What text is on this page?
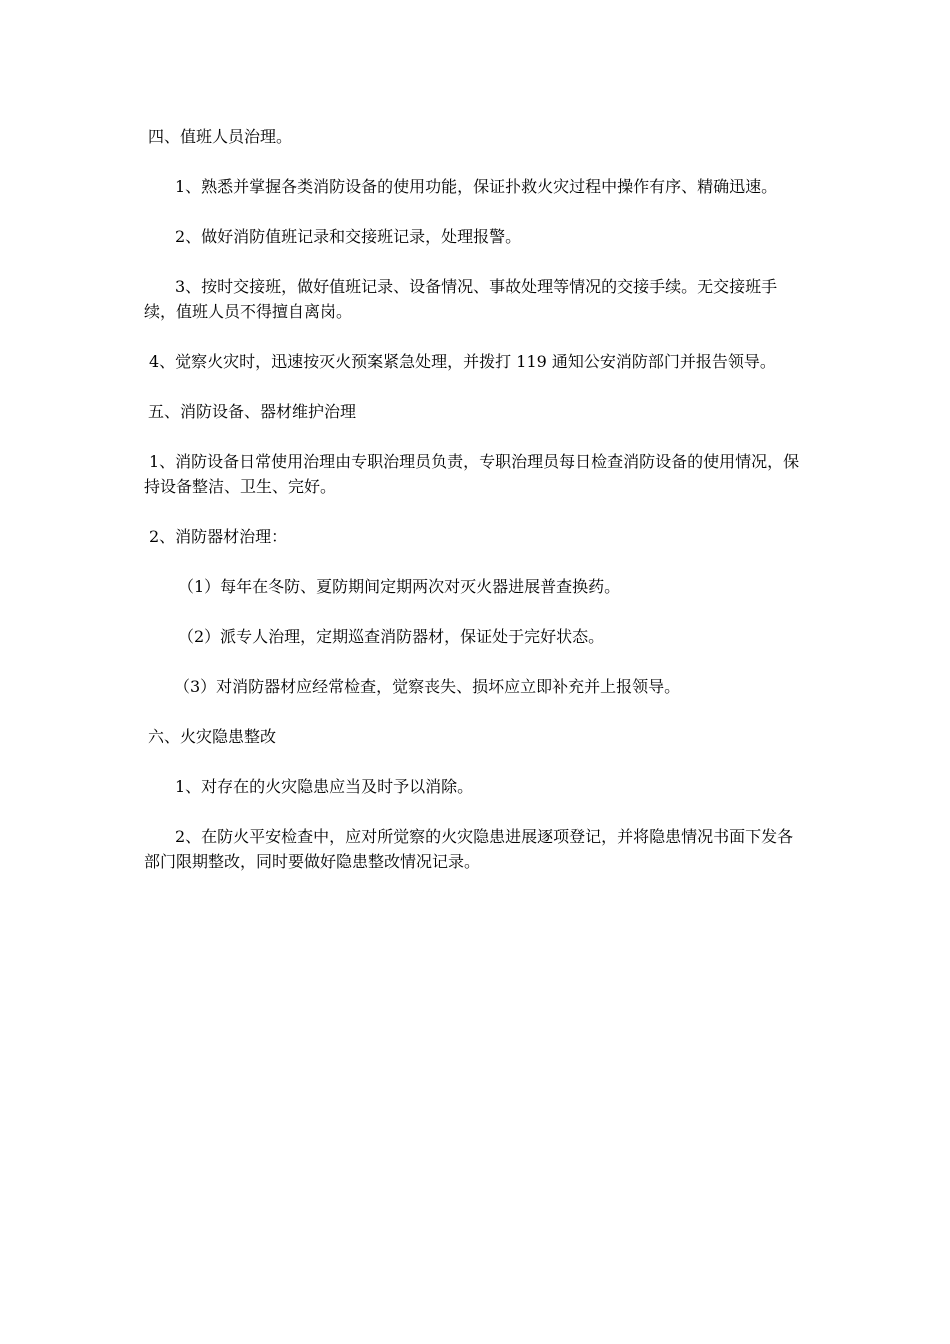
四、值班人员治理。

1、熟悉并掌握各类消防设备的使用功能，保证扑救火灾过程中操作有序、精确迅速。

2、做好消防值班记录和交接班记录，处理报警。

3、按时交接班，做好值班记录、设备情况、事故处理等情况的交接手续。无交接班手续，值班人员不得擅自离岗。

4、觉察火灾时，迅速按灭火预案紧急处理，并拨打 119 通知公安消防部门并报告领导。

五、消防设备、器材维护治理

1、消防设备日常使用治理由专职治理员负责，专职治理员每日检查消防设备的使用情况，保持设备整洁、卫生、完好。

2、消防器材治理：

（1）每年在冬防、夏防期间定期两次对灭火器进展普查换药。

（2）派专人治理，定期巡查消防器材，保证处于完好状态。

（3）对消防器材应经常检查，觉察丧失、损坏应立即补充并上报领导。

六、火灾隐患整改

1、对存在的火灾隐患应当及时予以消除。

2、在防火平安检查中，应对所觉察的火灾隐患进展逐项登记，并将隐患情况书面下发各部门限期整改，同时要做好隐患整改情况记录。
